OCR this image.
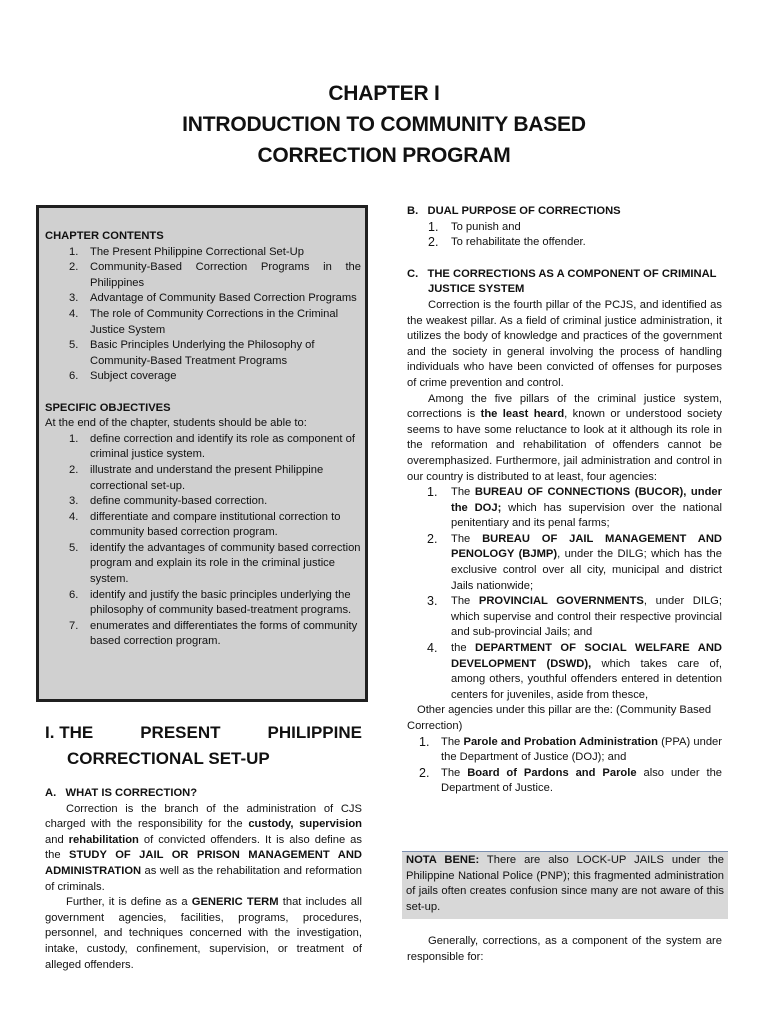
CHAPTER I
INTRODUCTION TO COMMUNITY BASED
CORRECTION PROGRAM
CHAPTER CONTENTS
1. The Present Philippine Correctional Set-Up
2. Community-Based Correction Programs in the Philippines
3. Advantage of Community Based Correction Programs
4. The role of Community Corrections in the Criminal Justice System
5. Basic Principles Underlying the Philosophy of Community-Based Treatment Programs
6. Subject coverage
SPECIFIC OBJECTIVES
At the end of the chapter, students should be able to:
1. define correction and identify its role as component of criminal justice system.
2. illustrate and understand the present Philippine correctional set-up.
3. define community-based correction.
4. differentiate and compare institutional correction to community based correction program.
5. identify the advantages of community based correction program and explain its role in the criminal justice system.
6. identify and justify the basic principles underlying the philosophy of community based-treatment programs.
7. enumerates and differentiates the forms of community based correction program.
I. THE	PRESENT	PHILIPPINE
CORRECTIONAL SET-UP
A.   WHAT IS CORRECTION?

Correction is the branch of the administration of CJS charged with the responsibility for the custody, supervision and rehabilitation of convicted offenders. It is also define as the STUDY OF JAIL OR PRISON MANAGEMENT AND ADMINISTRATION as well as the rehabilitation and reformation of criminals.

Further, it is define as a GENERIC TERM that includes all government agencies, facilities, programs, procedures, personnel, and techniques concerned with the investigation, intake, custody, confinement, supervision, or treatment of alleged offenders.

B.   DUAL PURPOSE OF CORRECTIONS
1. To punish and
2. To rehabilitate the offender.
C.   THE CORRECTIONS AS A COMPONENT OF CRIMINAL
JUSTICE SYSTEM

Correction is the fourth pillar of the PCJS, and identified as the weakest pillar. As a field of criminal justice administration, it utilizes the body of knowledge and practices of the government and the society in general involving the process of handling individuals who have been convicted of offenses for purposes of crime prevention and control.

Among the five pillars of the criminal justice system, corrections is the least heard, known or understood society seems to have some reluctance to look at it although its role in the reformation and rehabilitation of offenders cannot be overemphasized. Furthermore, jail administration and control in our country is distributed to at least, four agencies:

1. The BUREAU OF CONNECTIONS (BUCOR), under the DOJ; which has supervision over the national penitentiary and its penal farms;
2. The BUREAU OF JAIL MANAGEMENT AND PENOLOGY (BJMP), under the DILG; which has the exclusive control over all city, municipal and district Jails nationwide;
3. The PROVINCIAL GOVERNMENTS, under DILG; which supervise and control their respective provincial and sub-provincial Jails; and
4. the DEPARTMENT OF SOCIAL WELFARE AND DEVELOPMENT (DSWD), which takes care of, among others, youthful offenders entered in detention centers for juveniles, aside from thesce,

Other agencies under this pillar are the: (Community Based Correction)

1. The Parole and Probation Administration (PPA) under the Department of Justice (DOJ); and
2. The Board of Pardons and Parole also under the Department of Justice.
NOTA BENE: There are also LOCK-UP JAILS under the Philippine National Police (PNP); this fragmented administration of jails often creates confusion since many are not aware of this set-up.

Generally, corrections, as a component of the system are responsible for:
